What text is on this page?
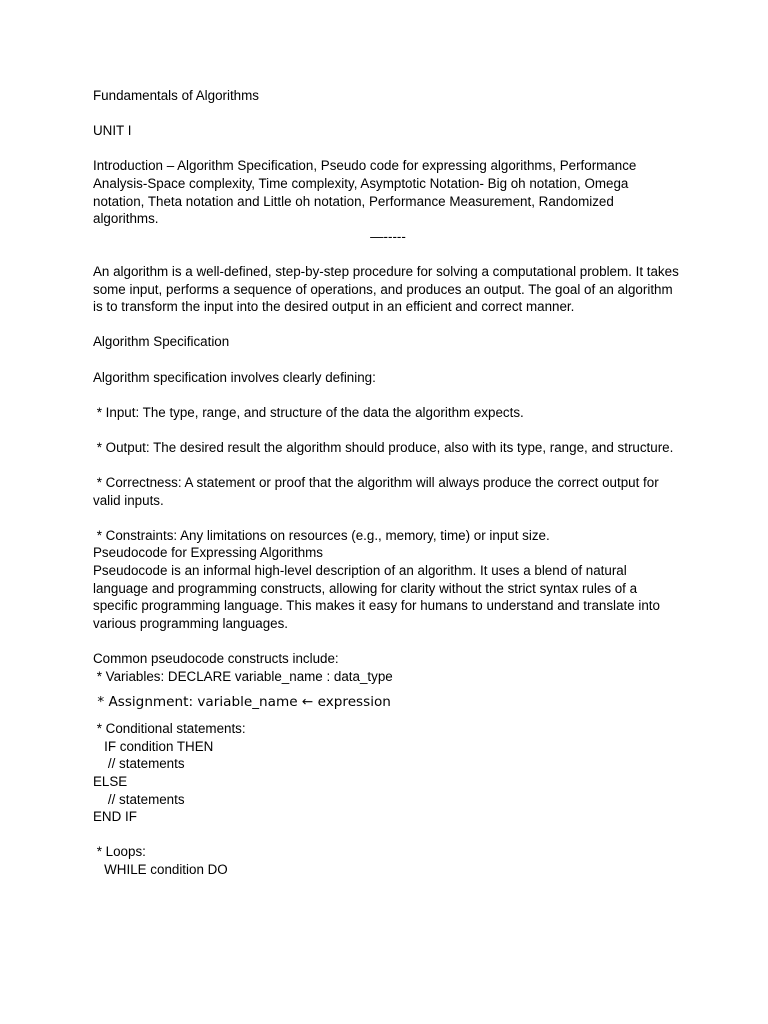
Fundamentals of Algorithms

UNIT I

Introduction – Algorithm Specification, Pseudo code for expressing algorithms, Performance Analysis-Space complexity, Time complexity, Asymptotic Notation- Big oh notation, Omega notation, Theta notation and Little oh notation, Performance Measurement, Randomized algorithms.

—-----

An algorithm is a well-defined, step-by-step procedure for solving a computational problem. It takes some input, performs a sequence of operations, and produces an output. The goal of an algorithm is to transform the input into the desired output in an efficient and correct manner.

Algorithm Specification

Algorithm specification involves clearly defining:

* Input: The type, range, and structure of the data the algorithm expects.

* Output: The desired result the algorithm should produce, also with its type, range, and structure.

* Correctness: A statement or proof that the algorithm will always produce the correct output for valid inputs.

* Constraints: Any limitations on resources (e.g., memory, time) or input size.

Pseudocode for Expressing Algorithms

Pseudocode is an informal high-level description of an algorithm. It uses a blend of natural language and programming constructs, allowing for clarity without the strict syntax rules of a specific programming language. This makes it easy for humans to understand and translate into various programming languages.

Common pseudocode constructs include:

* Variables: DECLARE variable_name : data_type

* Assignment: variable_name ← expression

* Conditional statements:

IF condition THEN

// statements

ELSE

// statements

END IF

* Loops:

WHILE condition DO
